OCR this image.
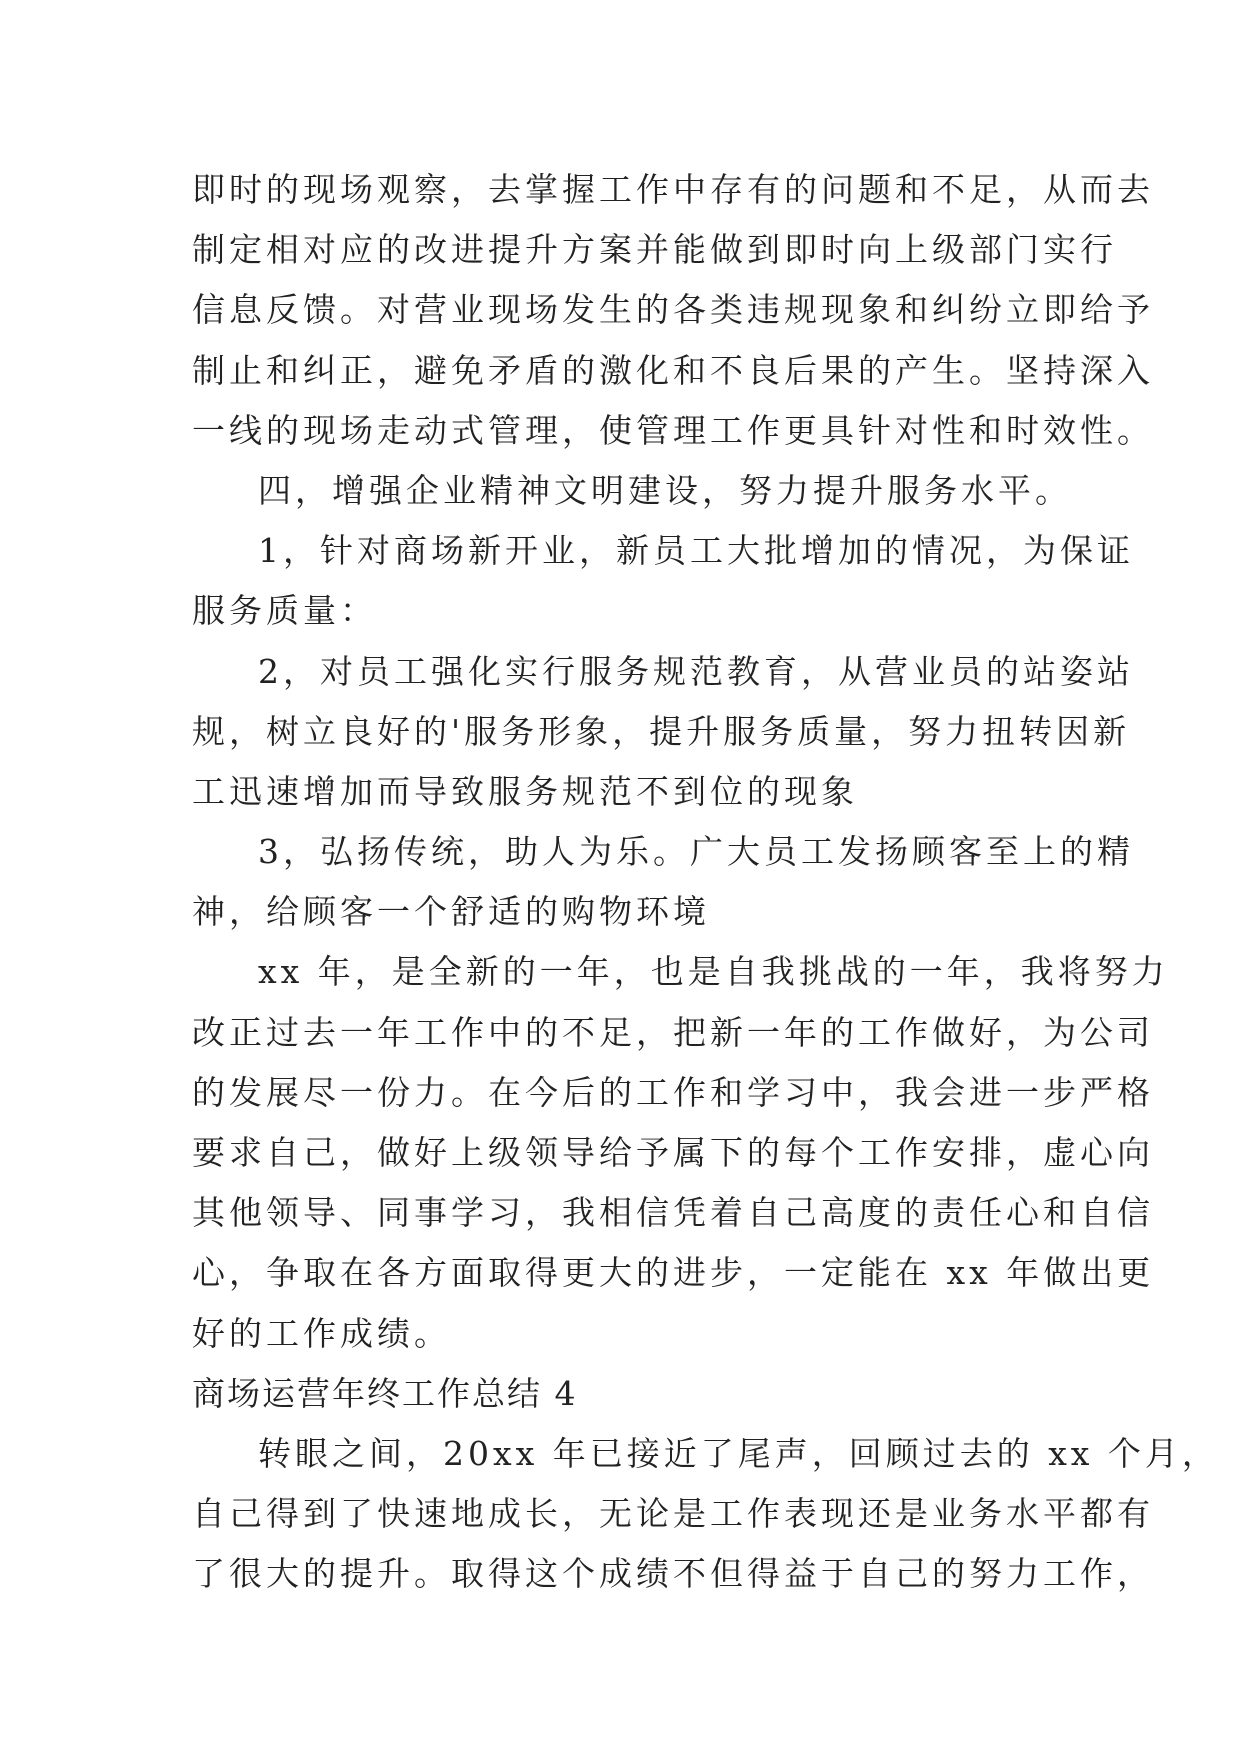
即时的现场观察，去掌握工作中存有的问题和不足，从而去
制定相对应的改进提升方案并能做到即时向上级部门实行
信息反馈。对营业现场发生的各类违规现象和纠纷立即给予
制止和纠正，避免矛盾的激化和不良后果的产生。坚持深入
一线的现场走动式管理，使管理工作更具针对性和时效性。
四，增强企业精神文明建设，努力提升服务水平。
1，针对商场新开业，新员工大批增加的情况，为保证
服务质量：
2，对员工强化实行服务规范教育，从营业员的站姿站
规，树立良好的'服务形象，提升服务质量，努力扭转因新
工迅速增加而导致服务规范不到位的现象
3，弘扬传统，助人为乐。广大员工发扬顾客至上的精
神，给顾客一个舒适的购物环境
xx 年，是全新的一年，也是自我挑战的一年，我将努力
改正过去一年工作中的不足，把新一年的工作做好，为公司
的发展尽一份力。在今后的工作和学习中，我会进一步严格
要求自己，做好上级领导给予属下的每个工作安排，虚心向
其他领导、同事学习，我相信凭着自己高度的责任心和自信
心，争取在各方面取得更大的进步，一定能在 xx 年做出更
好的工作成绩。
商场运营年终工作总结 4
转眼之间，20xx 年已接近了尾声，回顾过去的 xx 个月，
自己得到了快速地成长，无论是工作表现还是业务水平都有
了很大的提升。取得这个成绩不但得益于自己的努力工作，
